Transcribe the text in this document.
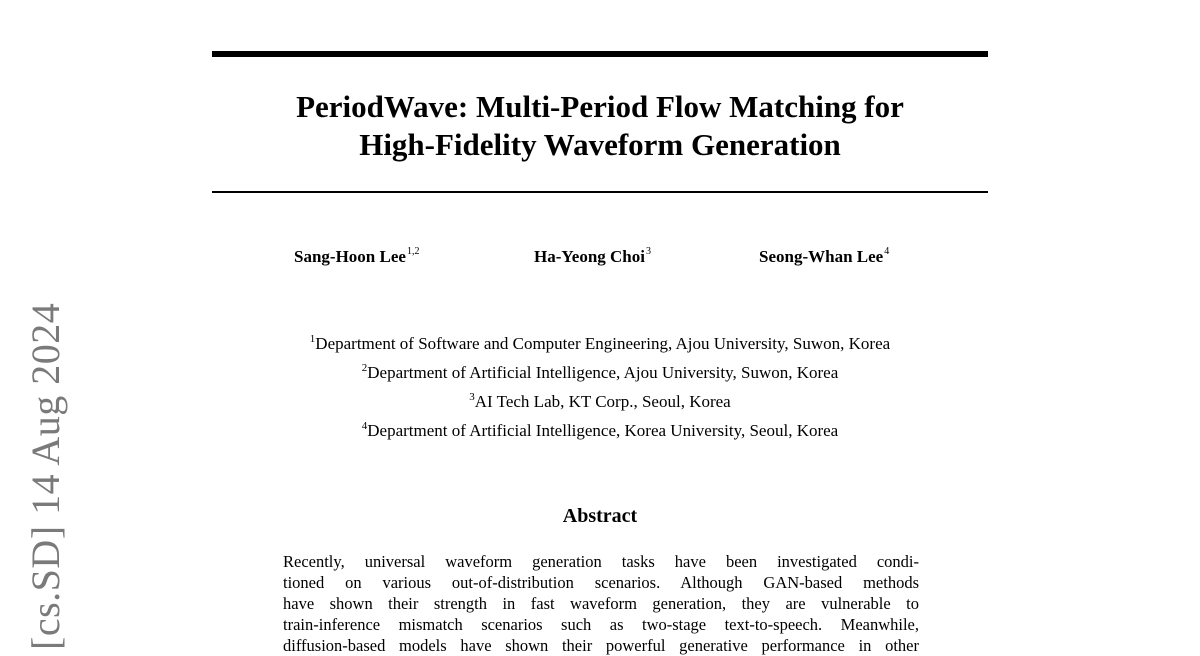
[cs.SD] 14 Aug 2024
PeriodWave: Multi-Period Flow Matching for
High-Fidelity Waveform Generation
Sang-Hoon Lee$^{1,2}$	Ha-Yeong Choi$^3$	Seong-Whan Lee$^4$
$^1$Department of Software and Computer Engineering, Ajou University, Suwon, Korea
$^2$Department of Artificial Intelligence, Ajou University, Suwon, Korea
$^3$AI Tech Lab, KT Corp., Seoul, Korea
$^4$Department of Artificial Intelligence, Korea University, Seoul, Korea
Abstract
Recently, universal waveform generation tasks have been investigated condi-
tioned on various out-of-distribution scenarios. Although GAN-based methods
have shown their strength in fast waveform generation, they are vulnerable to
train-inference mismatch scenarios such as two-stage text-to-speech. Meanwhile,
diffusion-based models have shown their powerful generative performance in other
